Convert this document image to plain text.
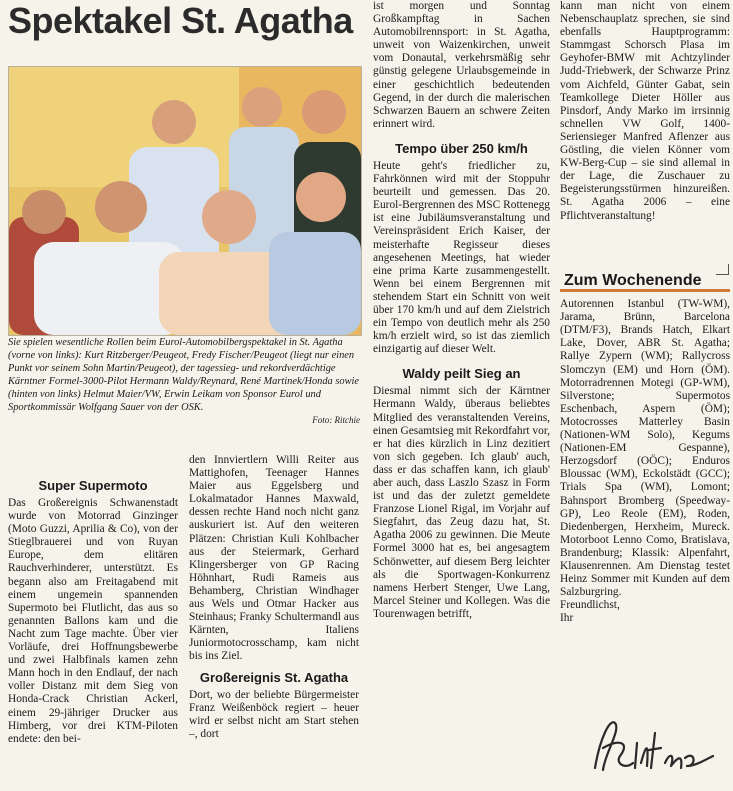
Spektakel St. Agatha
Sie spielen wesentliche Rollen beim Eurol-Automobilbergspektakel in St. Agatha (vorne von links): Kurt Ritzberger/Peugeot, Fredy Fischer/Peugeot (liegt nur einen Punkt vor seinem Sohn Martin/Peugeot), der tagessieg- und rekordverdächtige Kärntner Formel-3000-Pilot Hermann Waldy/Reynard, René Martinek/Honda sowie (hinten von links) Helmut Maier/VW, Erwin Leikam von Sponsor Eurol und Sportkommissär Wolfgang Sauer von der OSK.
Foto: Ritchie
Super Supermoto

Das Großereignis Schwanenstadt wurde von Motorrad Ginzinger (Moto Guzzi, Aprilia & Co), von der Stieglbrauerei und von Ruyan Europe, dem elitären Rauchverhinderer, unterstützt. Es begann also am Freitagabend mit einem ungemein spannenden Supermoto bei Flutlicht, das aus so genannten Ballons kam und die Nacht zum Tage machte. Über vier Vorläufe, drei Hoffnungsbewerbe und zwei Halbfinals kamen zehn Mann hoch in den Endlauf, der nach voller Distanz mit dem Sieg von Honda-Crack Christian Ackerl, einem 29-jähriger Drucker aus Himberg, vor drei KTM-Piloten endete: den bei-

den Innviertlern Willi Reiter aus Mattighofen, Teenager Hannes Maier aus Eggelsberg und Lokalmatador Hannes Maxwald, dessen rechte Hand noch nicht ganz auskuriert ist. Auf den weiteren Plätzen: Christian Kuli Kohlbacher aus der Steiermark, Gerhard Klingersberger von GP Racing Höhnhart, Rudi Rameis aus Behamberg, Christian Windhager aus Wels und Otmar Hacker aus Steinhaus; Franky Schultermandl aus Kärnten, Italiens Juniormotocrosschamp, kam nicht bis ins Ziel.

Großereignis St. Agatha

Dort, wo der beliebte Bürgermeister Franz Weißenböck regiert – heuer wird er selbst nicht am Start stehen –, dort

ist morgen und Sonntag Großkampftag in Sachen Automobilrennsport: in St. Agatha, unweit von Waizenkirchen, unweit vom Donautal, verkehrsmäßig sehr günstig gelegene Urlaubsgemeinde in einer geschichtlich bedeutenden Gegend, in der durch die malerischen Schwarzen Bauern an schwere Zeiten erinnert wird.

Tempo über 250 km/h

Heute geht's friedlicher zu, Fahrkönnen wird mit der Stoppuhr beurteilt und gemessen. Das 20. Eurol-Bergrennen des MSC Rottenegg ist eine Jubiläumsveranstaltung und Vereinspräsident Erich Kaiser, der meisterhafte Regisseur dieses angesehenen Meetings, hat wieder eine prima Karte zusammengestellt. Wenn bei einem Bergrennen mit stehendem Start ein Schnitt von weit über 170 km/h und auf dem Zielstrich ein Tempo von deutlich mehr als 250 km/h erzielt wird, so ist das ziemlich einzigartig auf dieser Welt.

Waldy peilt Sieg an

Diesmal nimmt sich der Kärntner Hermann Waldy, überaus beliebtes Mitglied des veranstaltenden Vereins, einen Gesamtsieg mit Rekordfahrt vor, er hat dies kürzlich in Linz dezitiert von sich gegeben. Ich glaub' auch, dass er das schaffen kann, ich glaub' aber auch, dass Laszlo Szasz in Form ist und das der zuletzt gemeldete Franzose Lionel Rigal, im Vorjahr auf Siegfahrt, das Zeug dazu hat, St. Agatha 2006 zu gewinnen. Die Meute Formel 3000 hat es, bei angesagtem Schönwetter, auf diesem Berg leichter als die Sportwagen-Konkurrenz namens Herbert Stenger, Uwe Lang, Marcel Steiner und Kollegen. Was die Tourenwagen betrifft,

kann man nicht von einem Nebenschauplatz sprechen, sie sind ebenfalls Hauptprogramm: Stammgast Schorsch Plasa im Geyhofer-BMW mit Achtzylinder Judd-Triebwerk, der Schwarze Prinz vom Aichfeld, Günter Gabat, sein Teamkollege Dieter Höller aus Pinsdorf, Andy Marko im irrsinnig schnellen VW Golf, 1400-Seriensieger Manfred Aflenzer aus Göstling, die vielen Könner vom KW-Berg-Cup – sie sind allemal in der Lage, die Zuschauer zu Begeisterungsstürmen hinzureißen. St. Agatha 2006 – eine Pflichtveranstaltung!

Zum Wochenende

Autorennen Istanbul (TW-WM), Jarama, Brünn, Barcelona (DTM/F3), Brands Hatch, Elkart Lake, Dover, ABR St. Agatha; Rallye Zypern (WM); Rallycross Slomczyn (EM) und Horn (ÖM). Motorradrennen Motegi (GP-WM), Silverstone; Supermotos Eschenbach, Aspern (ÖM); Motocrosses Matterley Basin (Nationen-WM Solo), Kegums (Nationen-EM Gespanne), Herzogsdorf (OÖC); Enduros Bloussac (WM), Eckolstädt (GCC); Trials Spa (WM), Lomont; Bahnsport Bromberg (Speedway-GP), Leo Reole (EM), Roden, Diedenbergen, Herxheim, Mureck. Motorboot Lenno Como, Bratislava, Brandenburg; Klassik: Alpenfahrt, Klausenrennen. Am Dienstag testet Heinz Sommer mit Kunden auf dem Salzburgring.

Freundlichst,

Ihr
